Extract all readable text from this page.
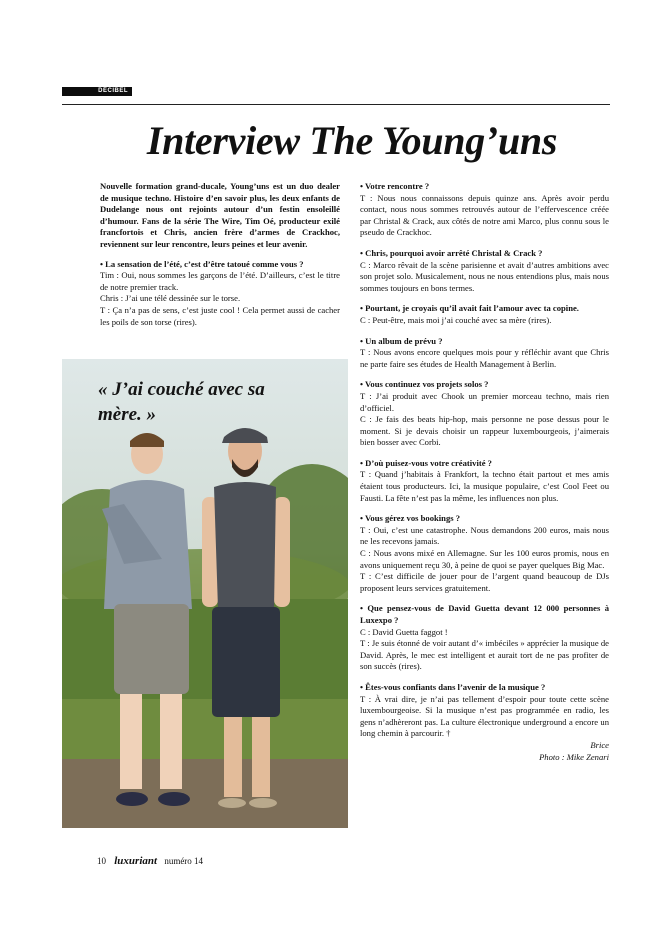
DÉCIBEL
Interview The Young’uns

Nouvelle formation grand-ducale, Young’uns est un duo dealer de musique techno. Histoire d’en savoir plus, les deux enfants de Dudelange nous ont rejoints autour d’un festin ensoleillé d’humour. Fans de la série The Wire, Tim Oé, producteur exilé francfortois et Chris, ancien frère d’armes de Crackhoc, reviennent sur leur rencontre, leurs peines et leur avenir.

• La sensation de l’été, c’est d’être tatoué comme vous ?
Tim : Oui, nous sommes les garçons de l’été. D’ailleurs, c’est le titre de notre premier track.
Chris : J’ai une télé dessinée sur le torse.
T : Ça n’a pas de sens, c’est juste cool ! Cela permet aussi de cacher les poils de son torse (rires).

« J’ai couché avec sa mère. »

• Votre rencontre ?
T : Nous nous connaissons depuis quinze ans. Après avoir perdu contact, nous nous sommes retrouvés autour de l’effervescence créée par Christal & Crack, aux côtés de notre ami Marco, plus connu sous le pseudo de Crackhoc.
• Chris, pourquoi avoir arrêté Christal & Crack ?
C : Marco rêvait de la scène parisienne et avait d’autres ambitions avec son projet solo. Musicalement, nous ne nous entendions plus, mais nous sommes toujours en bons termes.
• Pourtant, je croyais qu’il avait fait l’amour avec ta copine.
C : Peut-être, mais moi j’ai couché avec sa mère (rires).
• Un album de prévu ?
T : Nous avons encore quelques mois pour y réfléchir avant que Chris ne parte faire ses études de Health Management à Berlin.
• Vous continuez vos projets solos ?
T : J’ai produit avec Chook un premier morceau techno, mais rien d’officiel.
C : Je fais des beats hip-hop, mais personne ne pose dessus pour le moment. Si je devais choisir un rappeur luxembourgeois, j’aimerais bien bosser avec Corbi.
• D’où puisez-vous votre créativité ?
T : Quand j’habitais à Frankfort, la techno était partout et mes amis étaient tous producteurs. Ici, la musique populaire, c’est Cool Feet ou Fausti. La fête n’est pas la même, les influences non plus.
• Vous gérez vos bookings ?
T : Oui, c’est une catastrophe. Nous demandons 200 euros, mais nous ne les recevons jamais.
C : Nous avons mixé en Allemagne. Sur les 100 euros promis, nous en avons uniquement reçu 30, à peine de quoi se payer quelques Big Mac.
T : C’est difficile de jouer pour de l’argent quand beaucoup de DJs proposent leurs services gratuitement.
• Que pensez-vous de David Guetta devant 12 000 personnes à Luxexpo ?
C : David Guetta faggot !
T : Je suis étonné de voir autant d’« imbéciles » apprécier la musique de David. Après, le mec est intelligent et aurait tort de ne pas profiter de son succès (rires).
• Êtes-vous confiants dans l’avenir de la musique ?
T : À vrai dire, je n’ai pas tellement d’espoir pour toute cette scène luxembourgeoise. Si la musique n’est pas programmée en radio, les gens n’adhèreront pas. La culture électronique underground a encore un long chemin à parcourir. †
Brice
Photo : Mike Zenari
10 luxuriant numéro 14
